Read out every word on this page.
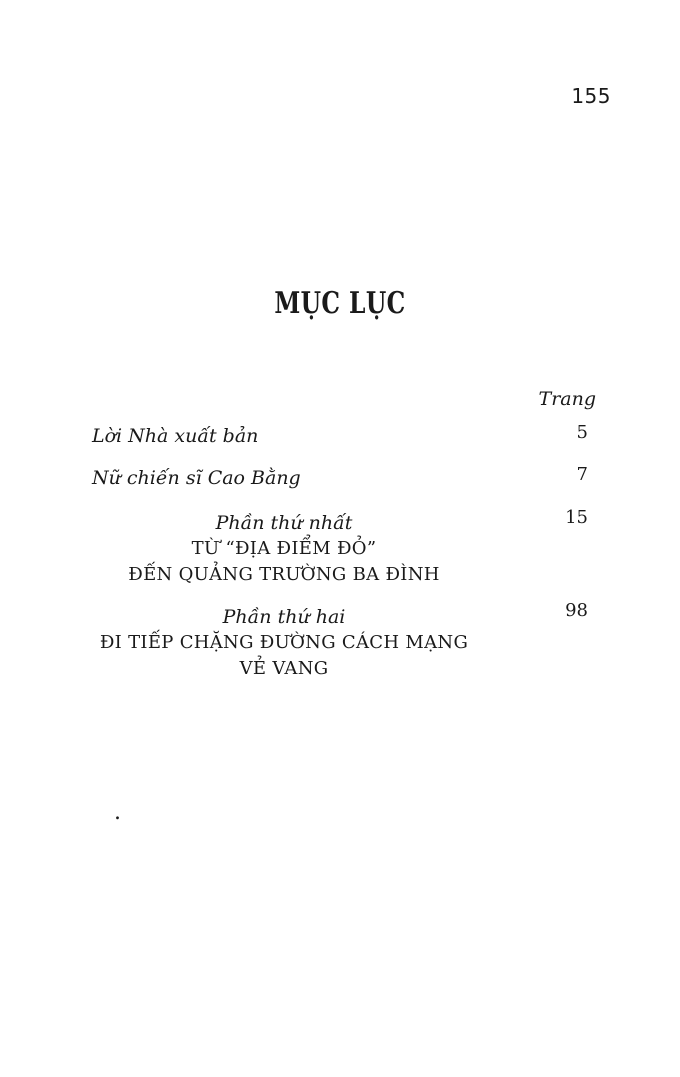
155
MỤC LỤC
Trang
Lời Nhà xuất bản	5
Nữ chiến sĩ Cao Bằng	7
Phần thứ nhất
TỪ “ĐỊA ĐIỂM ĐỎ”
ĐẾN QUẢNG TRƯỜNG BA ĐÌNH
15
Phần thứ hai
ĐI TIẾP CHẶNG ĐƯỜNG CÁCH MẠNG
VẺ VANG
98
.
